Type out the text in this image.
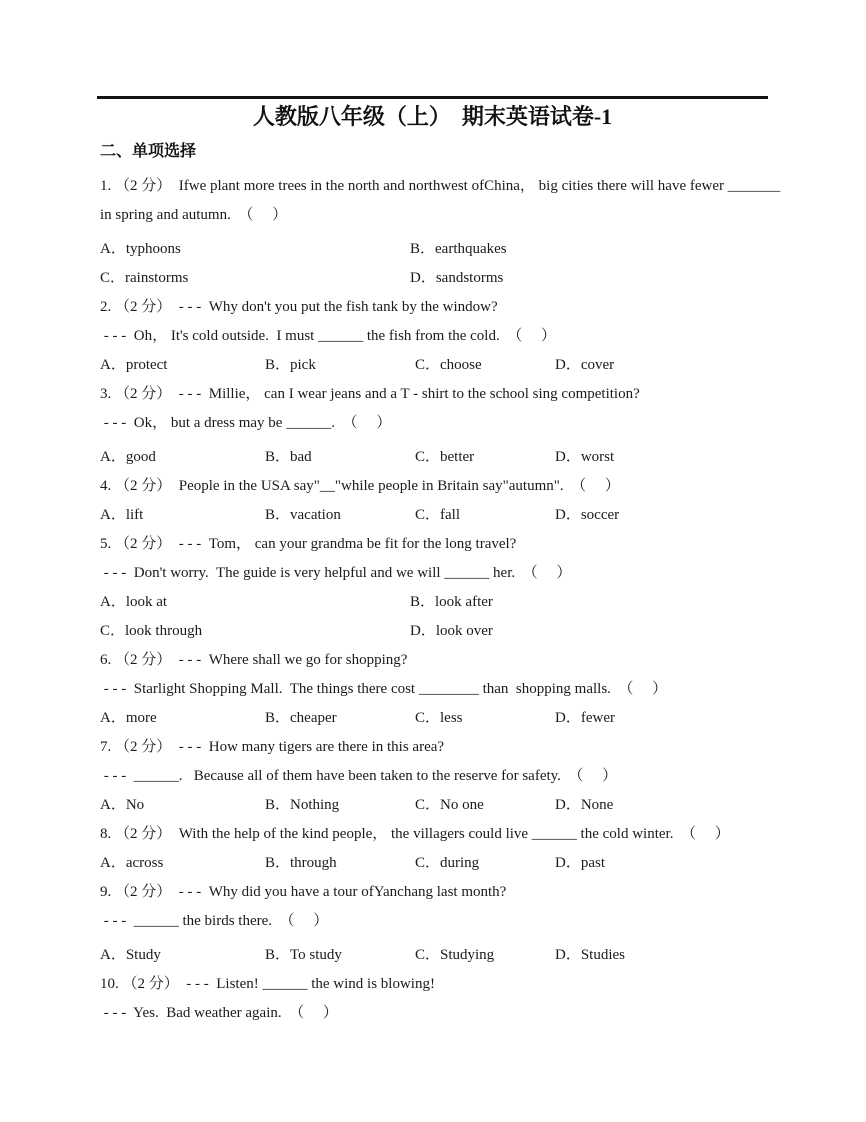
人教版八年级（上）  期末英语试卷-1
二、单项选择
1. （2 分）  Ifwe plant more trees in the north and northwest ofChina， big cities there will have fewer _______
in spring and autumn.  （     ）
A．typhoons	B．earthquakes
C．rainstorms	D．sandstorms
2. （2 分）  - - -  Why don't you put the fish tank by the window?
- - -  Oh， It's cold outside.  I must ______ the fish from the cold.  （     ）
A．protect	B．pick	C．choose	D．cover
3. （2 分）  - - -  Millie， can I wear jeans and a T - shirt to the school sing competition?
- - -  Ok， but a dress may be ______.  （     ）
A．good	B．bad	C．better	D．worst
4. （2 分）  People in the USA say"__"while people in Britain say"autumn".  （     ）
A．lift	B．vacation	C．fall	D．soccer
5. （2 分）  - - -  Tom， can your grandma be fit for the long travel?
- - -  Don't worry.  The guide is very helpful and we will ______ her.  （     ）
A．look at	B．look after
C．look through	D．look over
6. （2 分）  - - -  Where shall we go for shopping?
- - -  Starlight Shopping Mall.  The things there cost ________ than  shopping malls.  （     ）
A．more	B．cheaper	C．less	D．fewer
7. （2 分）  - - -  How many tigers are there in this area?
- - -  ______.   Because all of them have been taken to the reserve for safety.  （     ）
A．No	B．Nothing	C．No one	D．None
8. （2 分）  With the help of the kind people， the villagers could live ______ the cold winter.  （     ）
A．across	B．through	C．during	D．past
9. （2 分）  - - -  Why did you have a tour ofYanchang last month?
- - -  ______ the birds there.  （     ）
A．Study	B．To study	C．Studying	D．Studies
10. （2 分）  - - -  Listen! ______ the wind is blowing!
- - -  Yes.  Bad weather again.  （     ）
